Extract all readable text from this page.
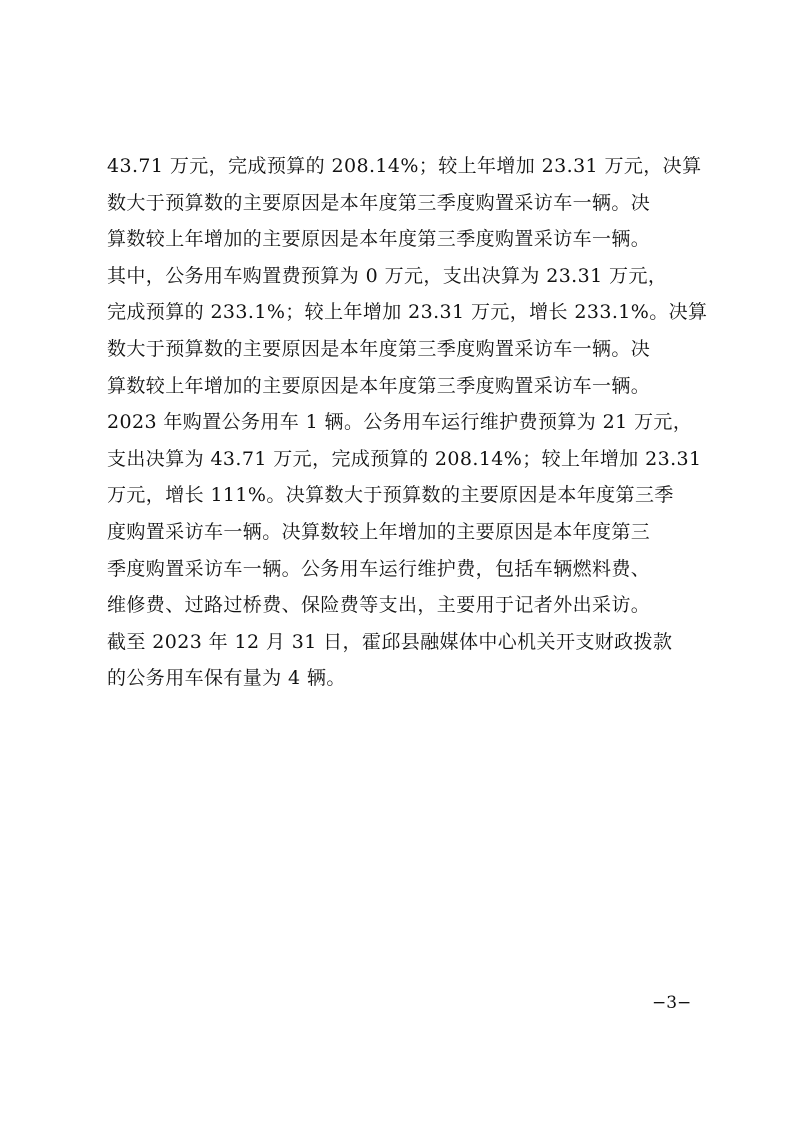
43.71 万元，完成预算的 208.14%；较上年增加 23.31 万元，决算
数大于预算数的主要原因是本年度第三季度购置采访车一辆。决
算数较上年增加的主要原因是本年度第三季度购置采访车一辆。
其中，公务用车购置费预算为 0 万元，支出决算为 23.31 万元，
完成预算的 233.1%；较上年增加 23.31 万元，增长 233.1%。决算
数大于预算数的主要原因是本年度第三季度购置采访车一辆。决
算数较上年增加的主要原因是本年度第三季度购置采访车一辆。
2023 年购置公务用车 1 辆。公务用车运行维护费预算为 21 万元，
支出决算为 43.71 万元，完成预算的 208.14%；较上年增加 23.31
万元，增长 111%。决算数大于预算数的主要原因是本年度第三季
度购置采访车一辆。决算数较上年增加的主要原因是本年度第三
季度购置采访车一辆。公务用车运行维护费，包括车辆燃料费、
维修费、过路过桥费、保险费等支出，主要用于记者外出采访。
截至 2023 年 12 月 31 日，霍邱县融媒体中心机关开支财政拨款
的公务用车保有量为 4 辆。
−3−
